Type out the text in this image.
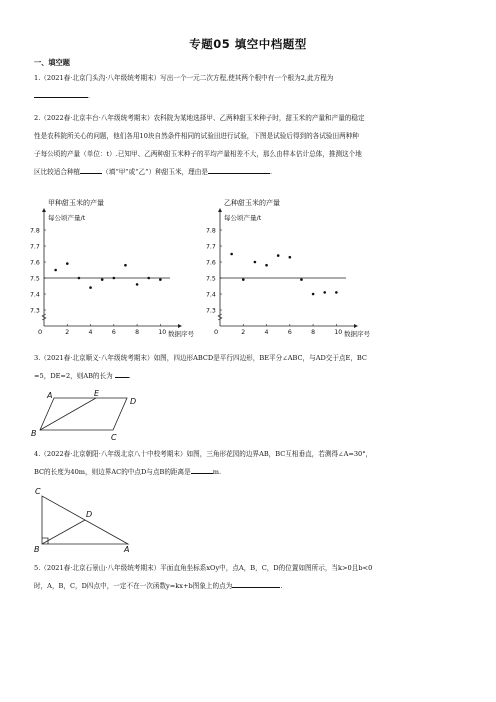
专题05 填空中档题型
一、填空题
1.（2021春·北京门头沟·八年级统考期末）写出一个一元二次方程,使其两个根中有一个根为2,此方程为
.
2.（2022春·北京丰台·八年级统考期末）农科院为某地选择甲、乙两种甜玉米种子时，甜玉米的产量和产量的稳定
性是农科院所关心的问题，他们各用10块自然条件相同的试验田进行试验，下图是试验后得到的各试验田两种种
子每公顷的产量（单位：t）.已知甲、乙两种甜玉米种子的平均产量相差不大，那么由样本估计总体，推测这个地
区比较适合种植	（填“甲”或“乙”）种甜玉米，理由是	.
甲种甜玉米的产量
每公顷产量/t
数据序号
0
7.8
7.7
7.6
7.5
7.4
7.3
2	4	6	8	10
乙种甜玉米的产量
每公顷产量/t
数据序号
0
7.8
7.7
7.6
7.5
7.4
7.3
2	4	6	8	10
3.（2021春·北京顺义·八年级统考期末）如图，四边形ABCD是平行四边形，BE平分∠ABC，与AD交于点E，BC
=5，DE=2，则AB的长为 .
A
B	C
D
E
4.（2022春·北京朝阳·八年级北京八十中校考期末）如图，三角形花园的边界AB，BC互相垂直，若测得∠A=30°，
BC的长度为40m，则边界AC的中点D与点B的距离是	m.
C
B	A
D
5.（2021春·北京石景山·八年级统考期末）平面直角坐标系xOy中，点A，B，C，D的位置如图所示，当k>0且b<0
时，A，B，C，D四点中，一定不在一次函数y=kx+b图象上的点为	.
